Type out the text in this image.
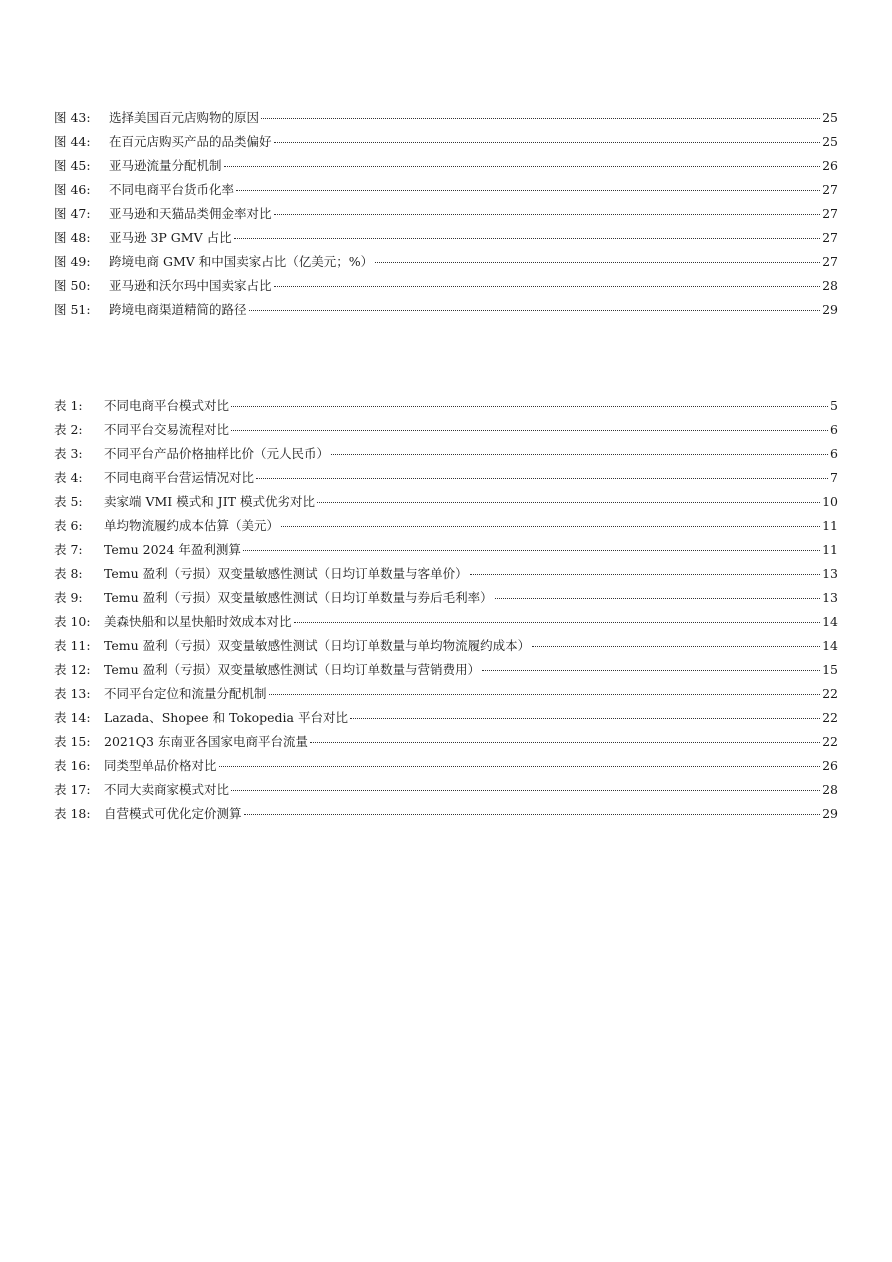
图 43:	选择美国百元店购物的原因	25
图 44:	在百元店购买产品的品类偏好	25
图 45:	亚马逊流量分配机制	26
图 46:	不同电商平台货币化率	27
图 47:	亚马逊和天猫品类佣金率对比	27
图 48:	亚马逊 3P GMV 占比	27
图 49:	跨境电商 GMV 和中国卖家占比（亿美元；%）	27
图 50:	亚马逊和沃尔玛中国卖家占比	28
图 51:	跨境电商渠道精简的路径	29
表 1:	不同电商平台模式对比	5
表 2:	不同平台交易流程对比	6
表 3:	不同平台产品价格抽样比价（元人民币）	6
表 4:	不同电商平台营运情况对比	7
表 5:	卖家端 VMI 模式和 JIT 模式优劣对比	10
表 6:	单均物流履约成本估算（美元）	11
表 7:	Temu 2024 年盈利测算	11
表 8:	Temu 盈利（亏损）双变量敏感性测试（日均订单数量与客单价）	13
表 9:	Temu 盈利（亏损）双变量敏感性测试（日均订单数量与券后毛利率）	13
表 10:	美森快船和以星快船时效成本对比	14
表 11:	Temu 盈利（亏损）双变量敏感性测试（日均订单数量与单均物流履约成本）	14
表 12:	Temu 盈利（亏损）双变量敏感性测试（日均订单数量与营销费用）	15
表 13:	不同平台定位和流量分配机制	22
表 14:	Lazada、Shopee 和 Tokopedia 平台对比	22
表 15:	2021Q3 东南亚各国家电商平台流量	22
表 16:	同类型单品价格对比	26
表 17:	不同大卖商家模式对比	28
表 18:	自营模式可优化定价测算	29
